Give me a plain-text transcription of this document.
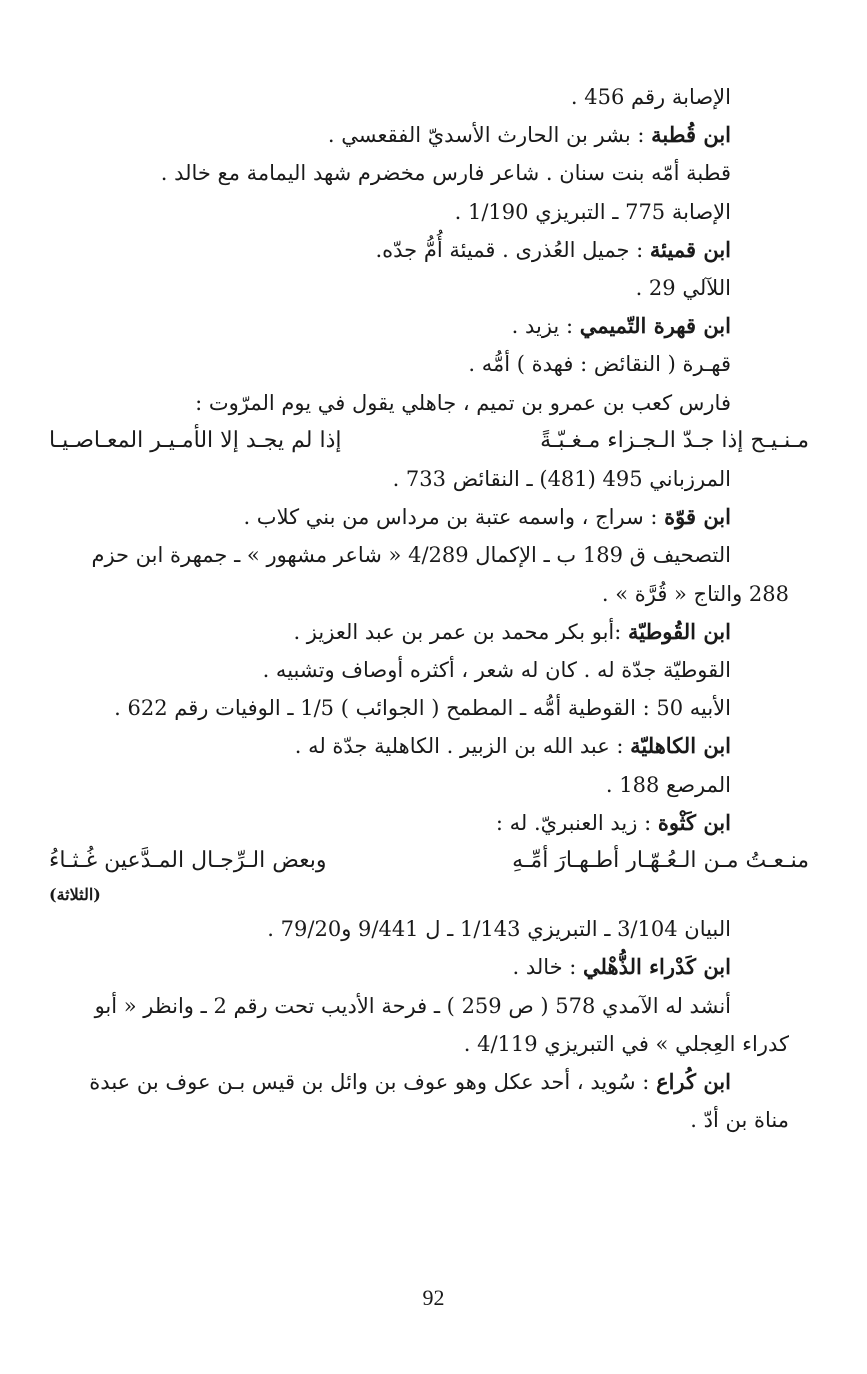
الإصابة رقم 456 .
ابن قُطبة : بشر بن الحارث الأسديّ الفقعسي .
قطبة أمّه بنت سنان . شاعر فارس مخضرم شهد اليمامة مع خالد .
الإصابة 775 ـ التبريزي 1/190 .
ابن قميئة : جميل العُذرى . قميئة أُمُّ جدّه.
اللآلي 29 .
ابن قهرة التّميمي : يزيد .
قهـرة ( النقائض : فهدة ) أمُّه .
فارس كعب بن عمرو بن تميم ، جاهلي يقول في يوم المرّوت :
مـنـيـح إذا جـدّ الـجـزاء مـغـبّـةً
إذا لم يجـد إلا الأمـيـر المعـاصـيـا
المرزباني 495 (481) ـ النقائض 733 .
ابن قوّة : سراج ، واسمه عتبة بن مرداس من بني كلاب .
التصحيف ق 189 ب ـ الإكمال 4/289 « شاعر مشهور » ـ جمهرة ابن حزم
288 والتاج « قُرَّة » .
ابن القُوطيّة :أبو بكر محمد بن عمر بن عبد العزيز .
القوطيّة جدّة له . كان له شعر ، أكثره أوصاف وتشبيه .
الأبيه 50 : القوطية أمُّه ـ المطمح ( الجوائب ) 1/5 ـ الوفيات رقم 622 .
ابن الكاهليّة : عبد الله بن الزبير . الكاهلية جدّة له .
المرصع 188 .
ابن كَثْوة : زيد العنبريّ. له :
منـعـتُ مـن الـعُـهّـار أطـهـارَ أمِّـهِ
وبعض الـرِّجـال المـدَّعين غُـثـاءُ
(الثلاثة)
البيان 3/104 ـ التبريزي 1/143 ـ ل 9/441 و79/20 .
ابن كَدْراء الذُّهْلي : خالد .
أنشد له الآمدي 578 ( ص 259 ) ـ فرحة الأديب تحت رقم 2 ـ وانظر « أبو
كدراء العِجلي » في التبريزي 4/119 .
ابن كُراع : سُويد ، أحد عكل وهو عوف بن وائل بن قيس بـن عوف بن عبدة
مناة بن أدّ .
92
